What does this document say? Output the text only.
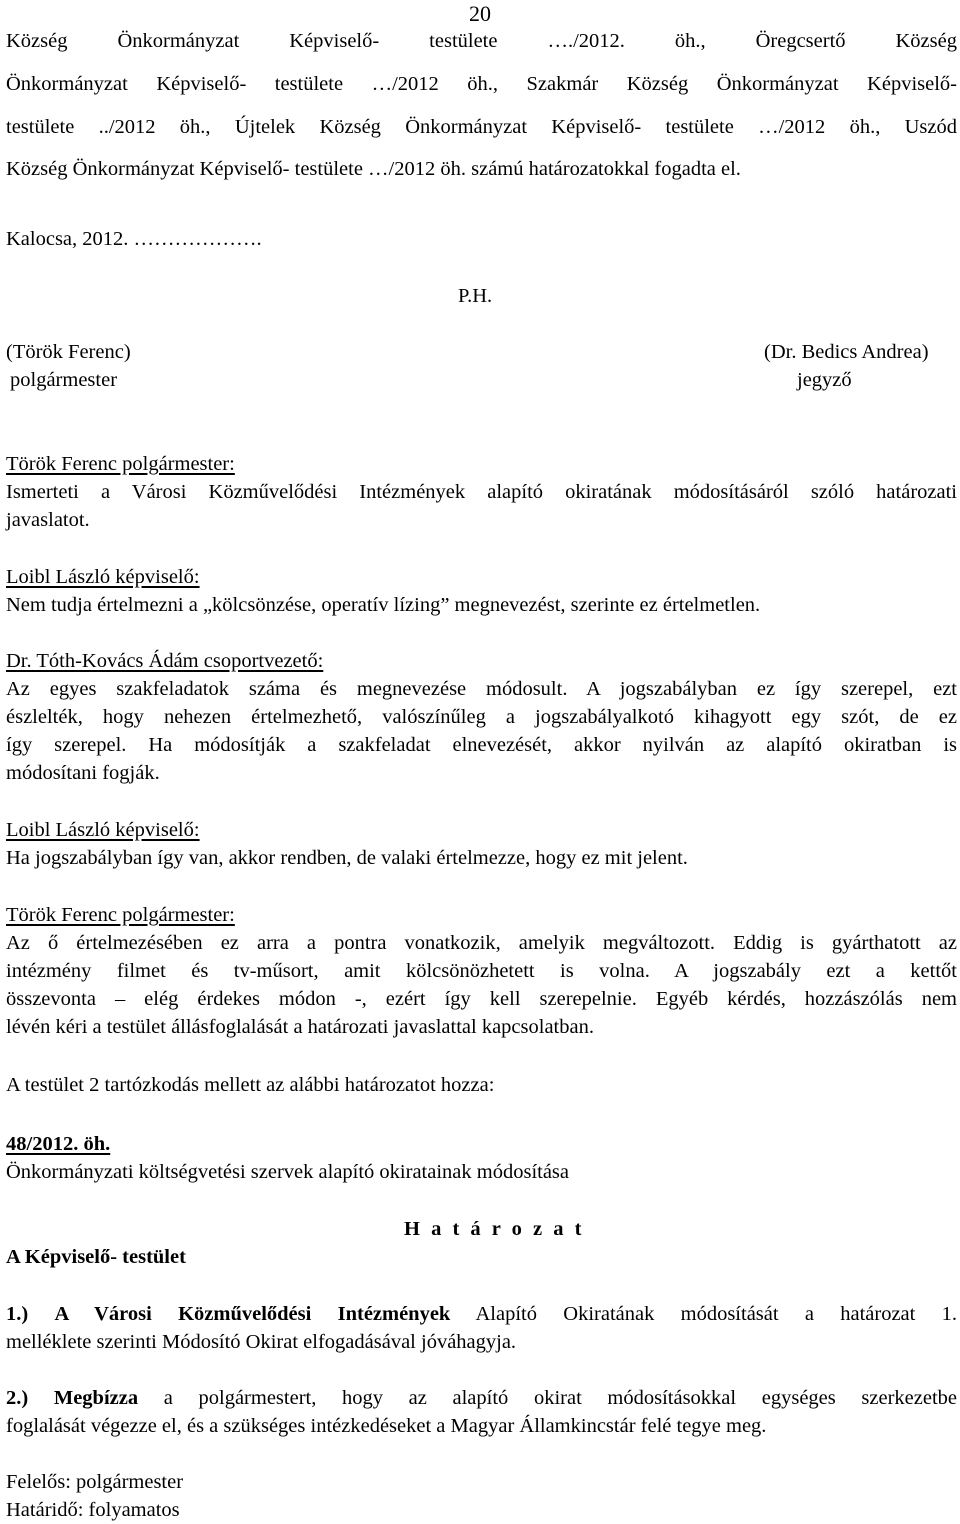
20
Község Önkormányzat Képviselő- testülete …./2012. öh., Öregcsertő Község
Önkormányzat Képviselő- testülete …/2012 öh., Szakmár Község Önkormányzat Képviselő-
testülete ../2012 öh., Újtelek Község Önkormányzat Képviselő- testülete …/2012 öh., Uszód
Község Önkormányzat Képviselő- testülete …/2012 öh. számú határozatokkal fogadta el.
Kalocsa, 2012. ……………….
P.H.
(Török Ferenc)
polgármester
(Dr. Bedics Andrea)
jegyző
Török Ferenc polgármester:
Ismerteti a Városi Közművelődési Intézmények alapító okiratának módosításáról szóló határozati
javaslatot.
Loibl László képviselő:
Nem tudja értelmezni a „kölcsönzése, operatív lízing” megnevezést, szerinte ez értelmetlen.
Dr. Tóth-Kovács Ádám csoportvezető:
Az egyes szakfeladatok száma és megnevezése módosult. A jogszabályban ez így szerepel, ezt
észlelték, hogy nehezen értelmezhető, valószínűleg a jogszabályalkotó kihagyott egy szót, de ez
így szerepel. Ha módosítják a szakfeladat elnevezését, akkor nyilván az alapító okiratban is
módosítani fogják.
Loibl László képviselő:
Ha jogszabályban így van, akkor rendben, de valaki értelmezze, hogy ez mit jelent.
Török Ferenc polgármester:
Az ő értelmezésében ez arra a pontra vonatkozik, amelyik megváltozott. Eddig is gyárthatott az
intézmény filmet és tv-műsort, amit kölcsönözhetett is volna. A jogszabály ezt a kettőt
összevonta – elég érdekes módon -, ezért így kell szerepelnie. Egyéb kérdés, hozzászólás nem
lévén kéri a testület állásfoglalását a határozati javaslattal kapcsolatban.
A testület 2 tartózkodás mellett az alábbi határozatot hozza:
48/2012. öh.
Önkormányzati költségvetési szervek alapító okiratainak módosítása
H a t á r o z a t
A Képviselő- testület
1.) A Városi Közművelődési Intézmények Alapító Okiratának módosítását a határozat 1.
melléklete szerinti Módosító Okirat elfogadásával jóváhagyja.
2.) Megbízza a polgármestert, hogy az alapító okirat módosításokkal egységes szerkezetbe
foglalását végezze el, és a szükséges intézkedéseket a Magyar Államkincstár felé tegye meg.
Felelős: polgármester
Határidő: folyamatos
